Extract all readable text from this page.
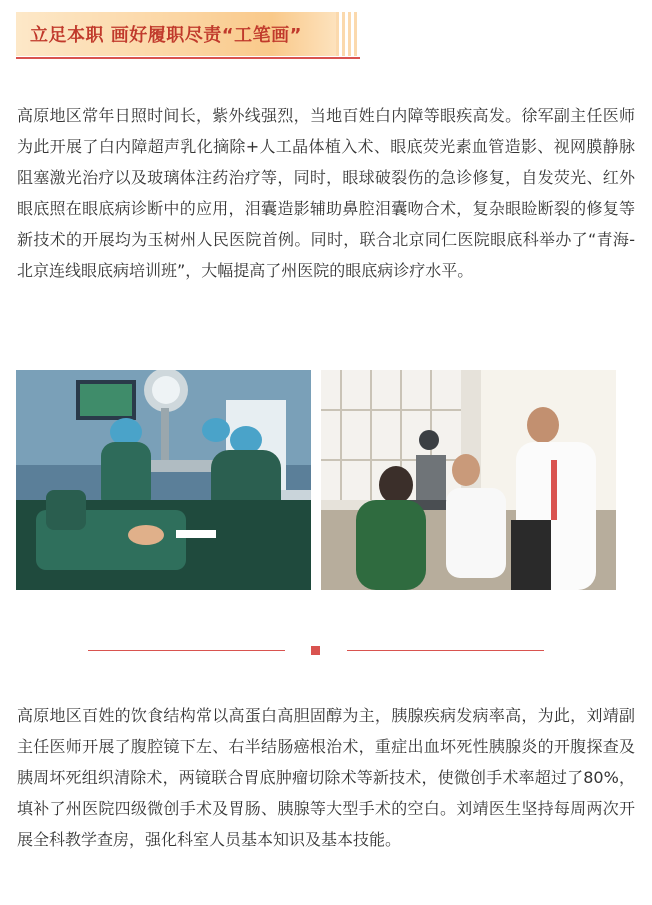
立足本职 画好履职尽责“工笔画”

高原地区常年日照时间长，紫外线强烈，当地百姓白内障等眼疾高发。徐军副主任医师为此开展了白内障超声乳化摘除+人工晶体植入术、眼底荧光素血管造影、视网膜静脉阻塞激光治疗以及玻璃体注药治疗等，同时，眼球破裂伤的急诊修复，自发荧光、红外眼底照在眼底病诊断中的应用，泪囊造影辅助鼻腔泪囊吻合术，复杂眼睑断裂的修复等新技术的开展均为玉树州人民医院首例。同时，联合北京同仁医院眼底科举办了“青海-北京连线眼底病培训班”，大幅提高了州医院的眼底病诊疗水平。

高原地区百姓的饮食结构常以高蛋白高胆固醇为主，胰腺疾病发病率高，为此，刘靖副主任医师开展了腹腔镜下左、右半结肠癌根治术，重症出血坏死性胰腺炎的开腹探查及胰周坏死组织清除术，两镜联合胃底肿瘤切除术等新技术，使微创手术率超过了80%，填补了州医院四级微创手术及胃肠、胰腺等大型手术的空白。刘靖医生坚持每周两次开展全科教学查房，强化科室人员基本知识及基本技能。
